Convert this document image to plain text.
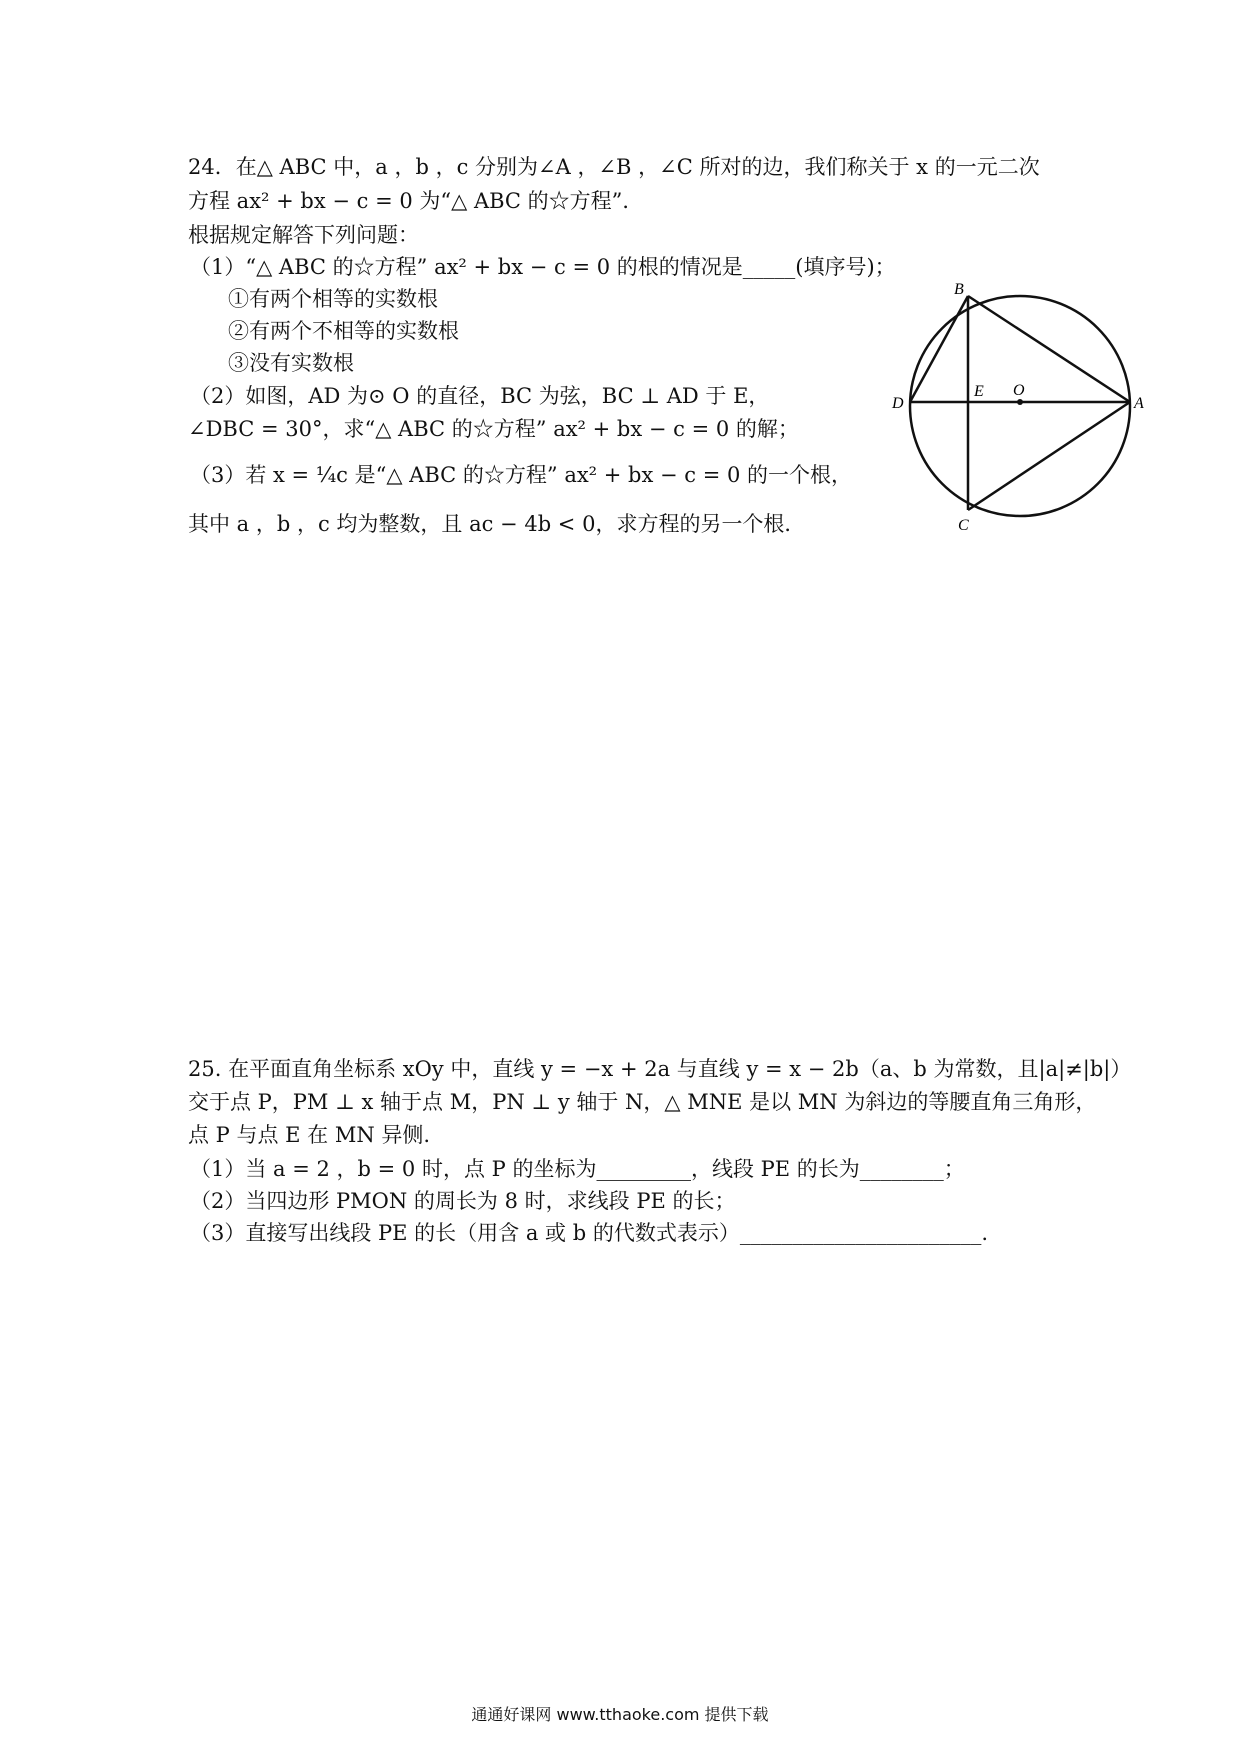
24．在△ ABC 中，a ，b ，c 分别为∠A ，∠B ，∠C 所对的边，我们称关于 x 的一元二次
方程 ax² + bx − c = 0 为“△ ABC 的☆方程”．
根据规定解答下列问题：
（1）“△ ABC 的☆方程” ax² + bx − c = 0 的根的情况是_____(填序号)；
①有两个相等的实数根
②有两个不相等的实数根
③没有实数根
（2）如图，AD 为⊙ O 的直径，BC 为弦，BC ⊥ AD 于 E，
∠DBC = 30°，求“△ ABC 的☆方程” ax² + bx − c = 0 的解；
（3）若 x = ¼c 是“△ ABC 的☆方程” ax² + bx − c = 0 的一个根，
其中 a ，b ，c 均为整数，且 ac − 4b < 0，求方程的另一个根．
B
D
E O
A
C
25. 在平面直角坐标系 xOy 中，直线 y = −x + 2a 与直线 y = x − 2b（a、b 为常数，且|a|≠|b|）
交于点 P，PM ⊥ x 轴于点 M，PN ⊥ y 轴于 N，△ MNE 是以 MN 为斜边的等腰直角三角形，
点 P 与点 E 在 MN 异侧.
（1）当 a = 2 ，b = 0 时，点 P 的坐标为_________，线段 PE 的长为________；
（2）当四边形 PMON 的周长为 8 时，求线段 PE 的长；
（3）直接写出线段 PE 的长（用含 a 或 b 的代数式表示）_______________________.
通通好课网 www.tthaoke.com 提供下载
